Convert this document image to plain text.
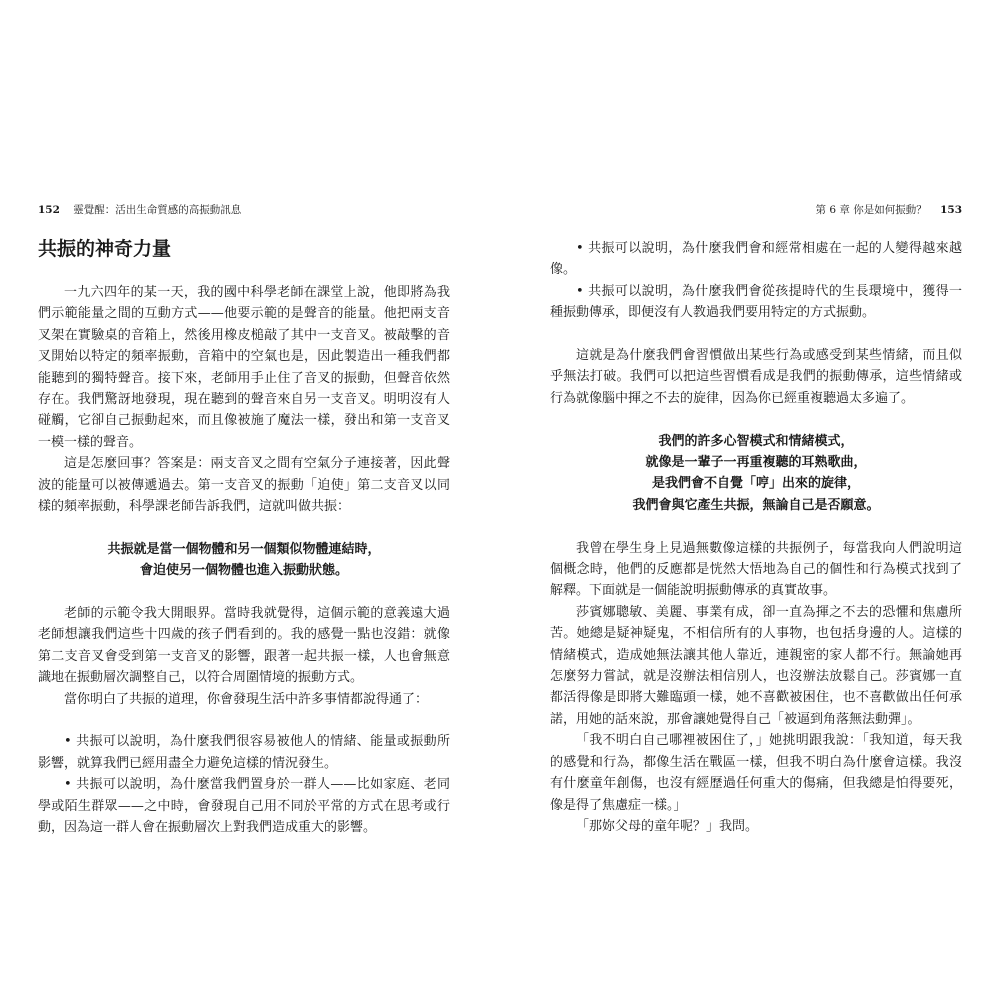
152 靈覺醒：活出生命質感的高振動訊息
共振的神奇力量

一九六四年的某一天，我的國中科學老師在課堂上說，他即將為我們示範能量之間的互動方式——他要示範的是聲音的能量。他把兩支音叉架在實驗桌的音箱上，然後用橡皮槌敲了其中一支音叉。被敲擊的音叉開始以特定的頻率振動，音箱中的空氣也是，因此製造出一種我們都能聽到的獨特聲音。接下來，老師用手止住了音叉的振動，但聲音依然存在。我們驚訝地發現，現在聽到的聲音來自另一支音叉。明明沒有人碰觸，它卻自己振動起來，而且像被施了魔法一樣，發出和第一支音叉一模一樣的聲音。

這是怎麼回事？答案是：兩支音叉之間有空氣分子連接著，因此聲波的能量可以被傳遞過去。第一支音叉的振動「迫使」第二支音叉以同樣的頻率振動，科學課老師告訴我們，這就叫做共振：

共振就是當一個物體和另一個類似物體連結時，
會迫使另一個物體也進入振動狀態。

老師的示範令我大開眼界。當時我就覺得，這個示範的意義遠大過老師想讓我們這些十四歲的孩子們看到的。我的感覺一點也沒錯：就像第二支音叉會受到第一支音叉的影響，跟著一起共振一樣，人也會無意識地在振動層次調整自己，以符合周圍情境的振動方式。

當你明白了共振的道理，你會發現生活中許多事情都說得通了：

• 共振可以說明，為什麼我們很容易被他人的情緒、能量或振動所影響，就算我們已經用盡全力避免這樣的情況發生。

• 共振可以說明，為什麼當我們置身於一群人——比如家庭、老同學或陌生群眾——之中時，會發現自己用不同於平常的方式在思考或行動，因為這一群人會在振動層次上對我們造成重大的影響。

第 6 章 你是如何振動？ 153

• 共振可以說明，為什麼我們會和經常相處在一起的人變得越來越像。

• 共振可以說明，為什麼我們會從孩提時代的生長環境中，獲得一種振動傳承，即便沒有人教過我們要用特定的方式振動。

這就是為什麼我們會習慣做出某些行為或感受到某些情緒，而且似乎無法打破。我們可以把這些習慣看成是我們的振動傳承，這些情緒或行為就像腦中揮之不去的旋律，因為你已經重複聽過太多遍了。

我們的許多心智模式和情緒模式，
就像是一輩子一再重複聽的耳熟歌曲，
是我們會不自覺「哼」出來的旋律，
我們會與它產生共振，無論自己是否願意。

我曾在學生身上見過無數像這樣的共振例子，每當我向人們說明這個概念時，他們的反應都是恍然大悟地為自己的個性和行為模式找到了解釋。下面就是一個能說明振動傳承的真實故事。

莎賓娜聰敏、美麗、事業有成，卻一直為揮之不去的恐懼和焦慮所苦。她總是疑神疑鬼，不相信所有的人事物，也包括身邊的人。這樣的情緒模式，造成她無法讓其他人靠近，連親密的家人都不行。無論她再怎麼努力嘗試，就是沒辦法相信別人，也沒辦法放鬆自己。莎賓娜一直都活得像是即將大難臨頭一樣，她不喜歡被困住，也不喜歡做出任何承諾，用她的話來說，那會讓她覺得自己「被逼到角落無法動彈」。

「我不明白自己哪裡被困住了，」她挑明跟我說：「我知道，每天我的感覺和行為，都像生活在戰區一樣，但我不明白為什麼會這樣。我沒有什麼童年創傷，也沒有經歷過任何重大的傷痛，但我總是怕得要死，像是得了焦慮症一樣。」

「那妳父母的童年呢？」我問。
